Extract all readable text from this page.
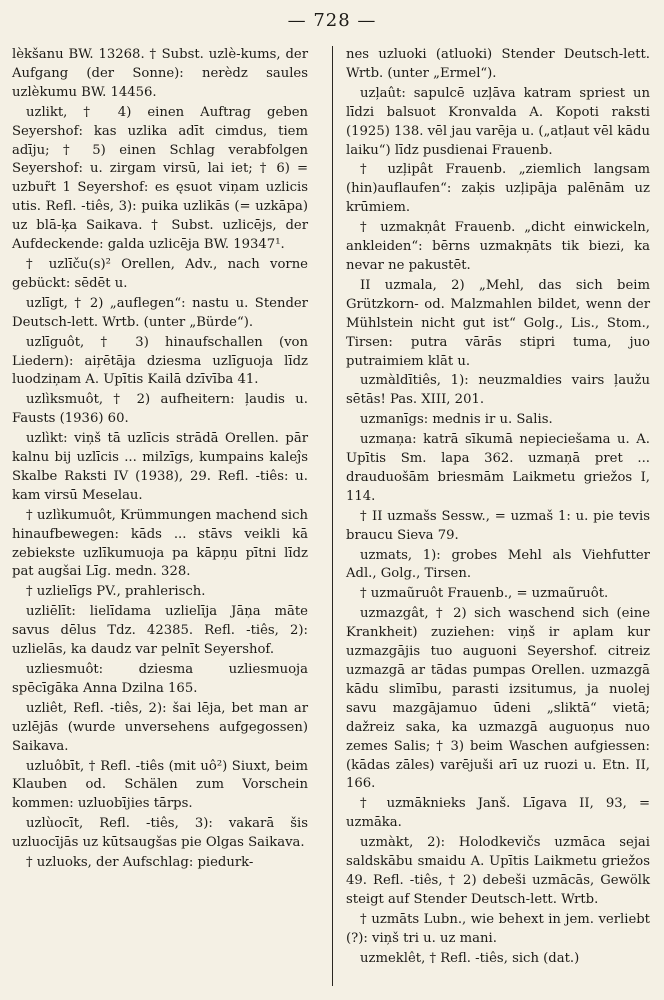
— 728 —

lèkšanu BW. 13268. † Subst. uzlè-kums, der Aufgang (der Sonne): nerèdz saules uzlèkumu BW. 14456.

uzlikt, † 4) einen Auftrag geben Seyershof: kas uzlika adīt cimdus, tiem adīju; † 5) einen Schlag verabfolgen Seyershof: u. zirgam virsū, lai iet; † 6) = uzbur̃t 1 Seyershof: es ęsuot viņam uzlicis utis. Refl. -tiês, 3): puika uzlikās (= uzkāpa) uz blā-ķa Saikava. † Subst. uzlicējs, der Aufdeckende: galda uzlicēja BW. 19347¹.

† uzlīču(s)² Orellen, Adv., nach vorne gebückt: sēdēt u.

uzlīgt, † 2) „auflegen“: nastu u. Stender Deutsch-lett. Wrtb. (unter „Bürde“).

uzlīguôt, † 3) hinaufschallen (von Liedern): aiŗētāja dziesma uzlīguoja līdz luodziņam A. Upītis Kailā dzīvība 41.

uzlìksmuôt, † 2) aufheitern: ļaudis u. Fausts (1936) 60.

uzlìkt: viņš tā uzlīcis strādā Orellen. pār kalnu bij uzlīcis ... milzīgs, kumpains kaleĵs Skalbe Raksti IV (1938), 29. Refl. -tiês: u. kam virsū Meselau.

† uzlìkumuôt, Krümmungen machend sich hinaufbewegen: kāds ... stāvs veikli kā zebiekste uzlīkumuoja pa kāpņu pītni līdz pat augšai Līg. medn. 328.

† uzlielīgs PV., prahlerisch.

uzliēlīt: lielīdama uzlielīja Jāņa māte savus dēlus Tdz. 42385. Refl. -tiês, 2): uzlielās, ka daudz var pelnīt Seyershof.

uzliesmuôt: dziesma uzliesmuoja spēcīgāka Anna Dzilna 165.

uzliêt, Refl. -tiês, 2): šai lēja, bet man ar uzlējās (wurde unversehens aufgegossen) Saikava.

uzluôbīt, † Refl. -tiês (mit uô²) Siuxt, beim Klauben od. Schälen zum Vorschein kommen: uzluobījies tārps.

uzlùocīt, Refl. -tiês, 3): vakarā šis uzluocījās uz kūtsaugšas pie Olgas Saikava.

† uzluoks, der Aufschlag: piedurk-

nes uzluoki (atluoki) Stender Deutsch-lett. Wrtb. (unter „Ermel“).

uzļaût: sapulcē uzļāva katram spriest un līdzi balsuot Kronvalda A. Kopoti raksti (1925) 138. vēl jau varēja u. („atļaut vēl kādu laiku“) līdz pusdienai Frauenb.

† uzļipât Frauenb. „ziemlich langsam (hin)auflaufen“: zaķis uzļipāja palēnām uz krūmiem.

† uzmakņât Frauenb. „dicht einwickeln, ankleiden“: bērns uzmakņāts tik biezi, ka nevar ne pakustēt.

II uzmala, 2) „Mehl, das sich beim Grützkorn- od. Malzmahlen bildet, wenn der Mühlstein nicht gut ist“ Golg., Lis., Stom., Tirsen: putra vārās stipri tuma, juo putraimiem klāt u.

uzmàldītiês, 1): neuzmaldies vairs ļaužu sētās! Pas. XIII, 201.

uzmanīgs: mednis ir u. Salis.

uzmaņa: katrā sīkumā nepieciešama u. A. Upītis Sm. lapa 362. uzmaņā pret ... drauduošām briesmām Laikmetu griežos I, 114.

† II uzmašs Sessw., = uzmaš 1: u. pie tevis braucu Sieva 79.

uzmats, 1): grobes Mehl als Viehfutter Adl., Golg., Tirsen.

† uzmaũruôt Frauenb., = uzmaũruôt.

uzmazgât, † 2) sich waschend sich (eine Krankheit) zuziehen: viņš ir aplam kur uzmazgājis tuo auguoni Seyershof. citreiz uzmazgā ar tādas pumpas Orellen. uzmazgā kādu slimību, parasti izsitumus, ja nuolej savu mazgājamuo ūdeni „sliktā“ vietā; dažreiz saka, ka uzmazgā auguoņus nuo zemes Salis; † 3) beim Waschen aufgiessen: (kādas zāles) varējuši arī uz ruozi u. Etn. II, 166.

† uzmāknieks Janš. Līgava II, 93, = uzmāka.

uzmàkt, 2): Holodkevičs uzmāca sejai saldskābu smaidu A. Upītis Laikmetu griežos 49. Refl. -tiês, † 2) debeši uzmācās, Gewölk steigt auf Stender Deutsch-lett. Wrtb.

† uzmāts Lubn., wie behext in jem. verliebt (?): viņš tri u. uz mani.

uzmeklêt, † Refl. -tiês, sich (dat.)
